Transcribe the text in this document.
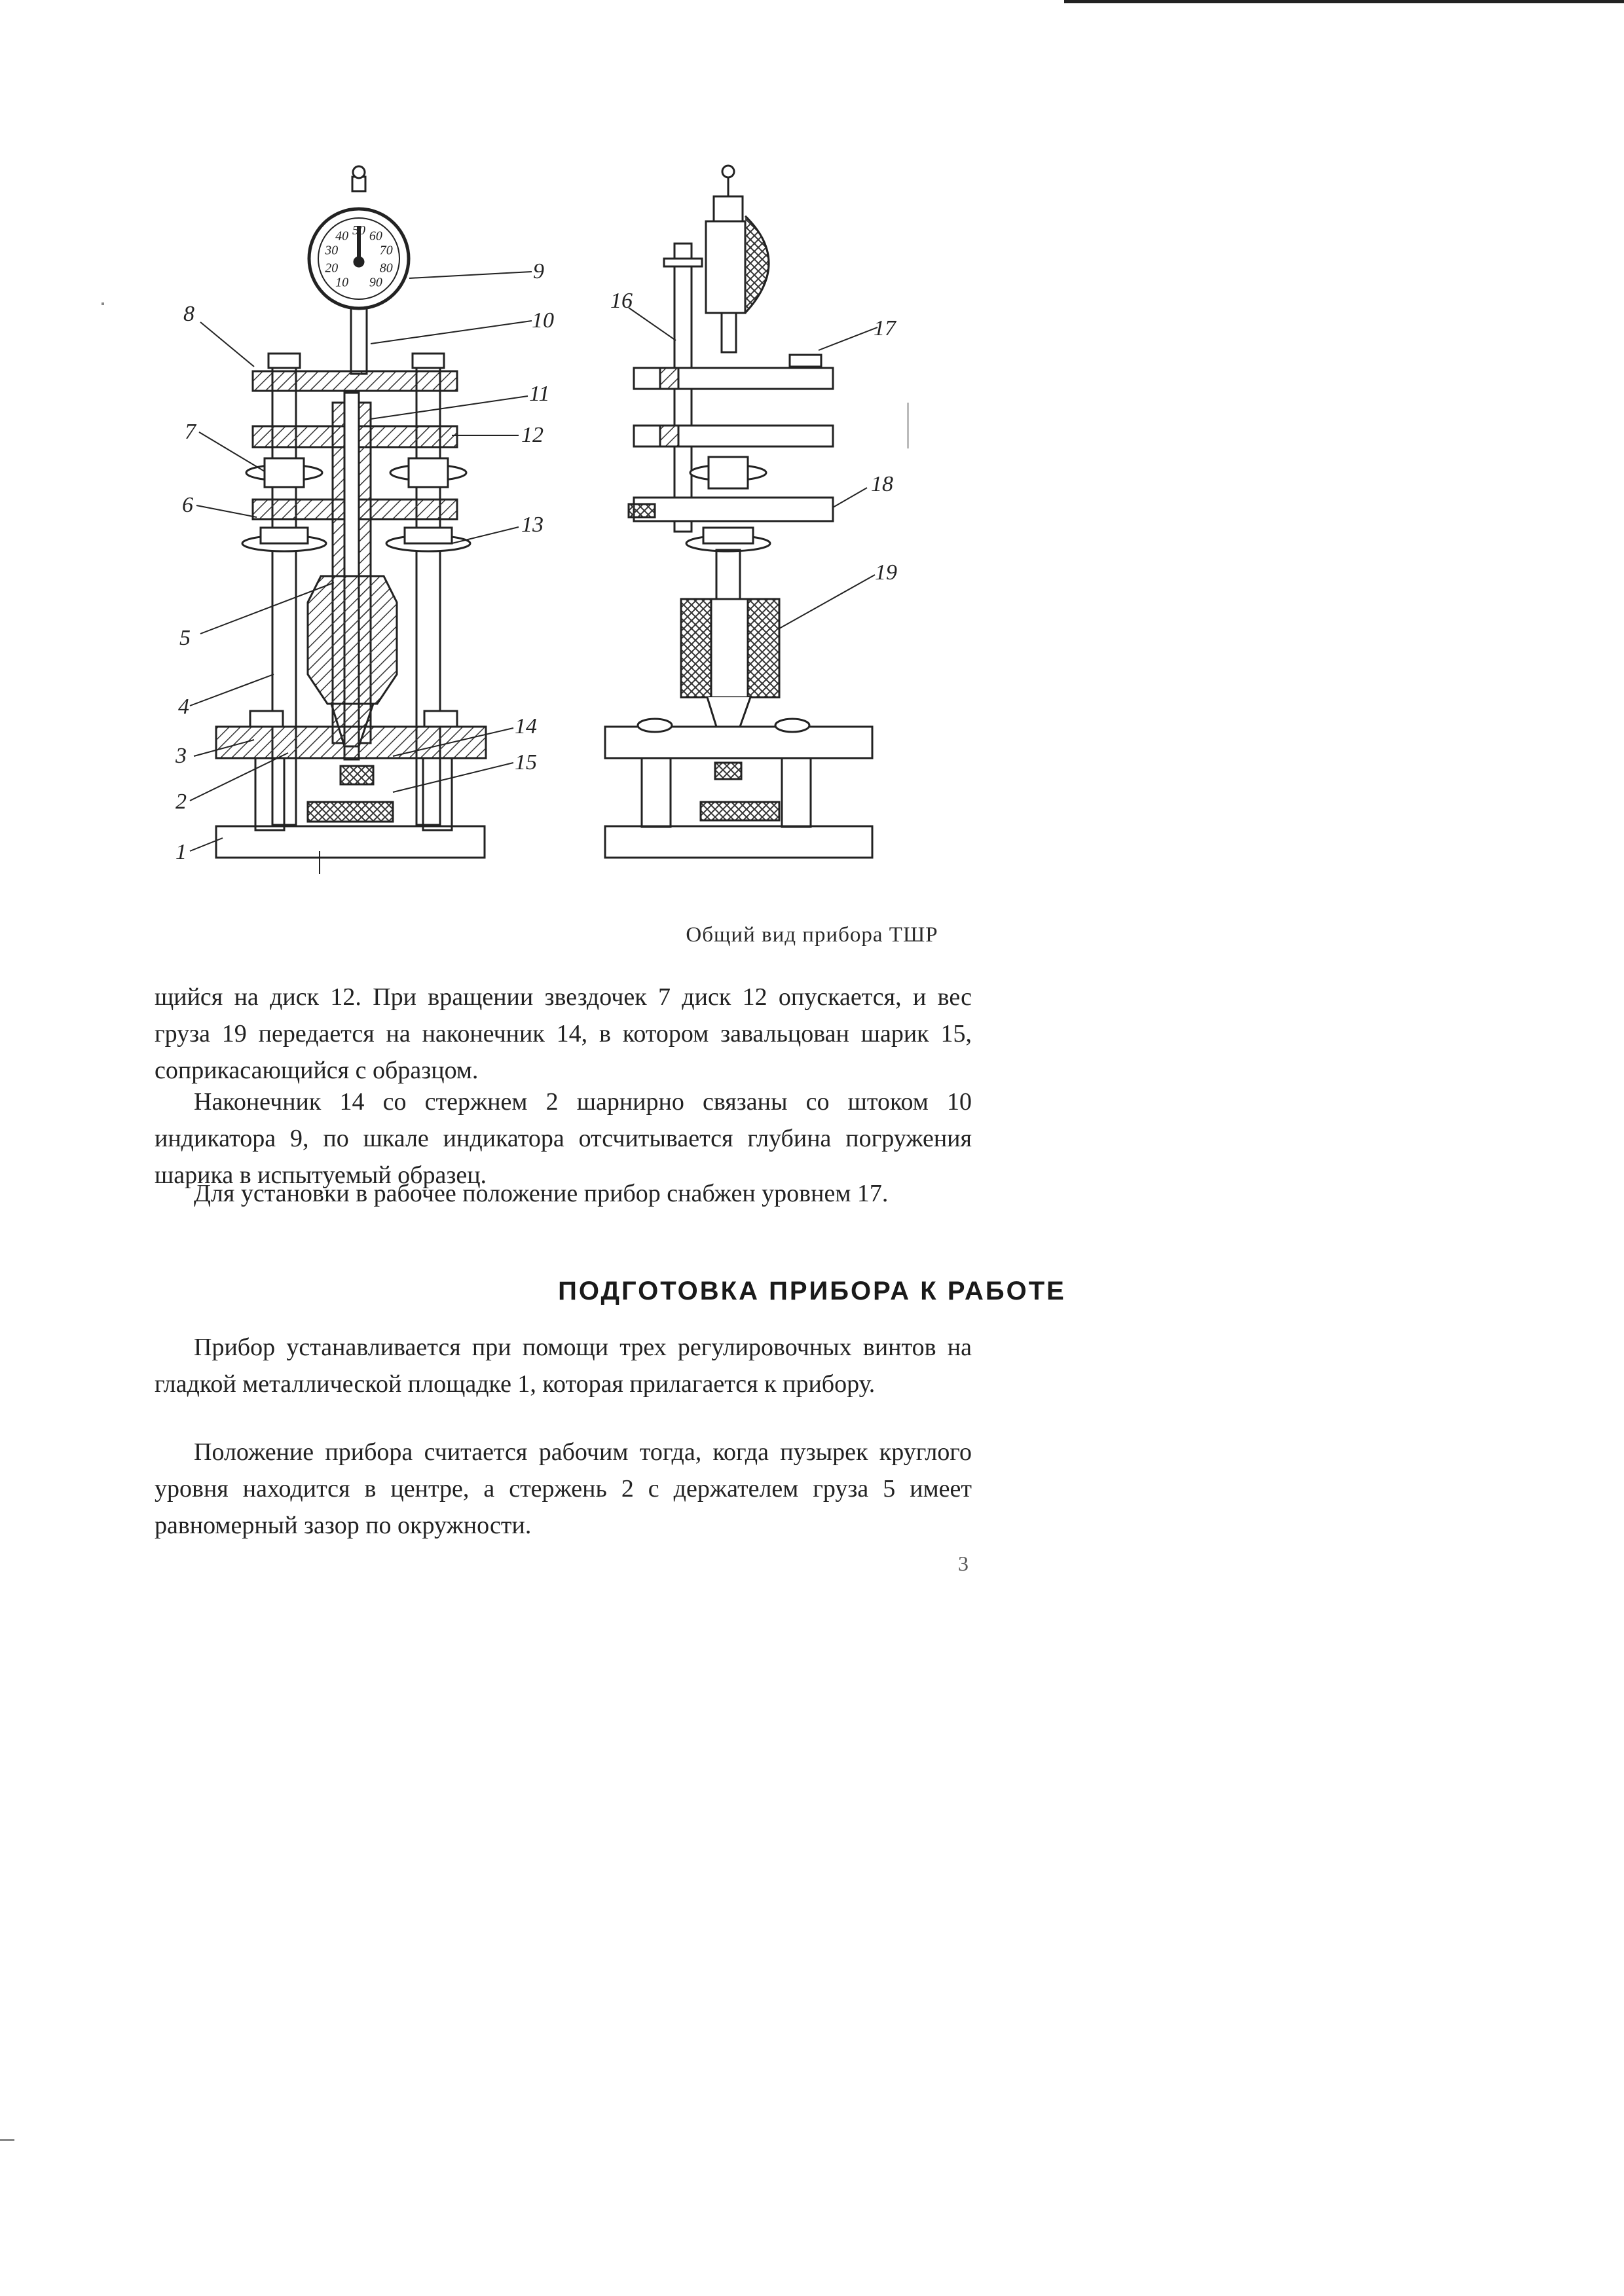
8
7
6
5
4
3
2
1
9
10
11
12
13
14
15
16
17
18
19
10
20
30
40 50 60
70
80
90
Общий вид прибора ТШР

щийся на диск 12. При вращении звездочек 7 диск 12 опускается, и вес груза 19 передается на наконечник 14, в котором завальцован шарик 15, соприкасающийся с образцом.

Наконечник 14 со стержнем 2 шарнирно связаны со штоком 10 индикатора 9, по шкале индикатора отсчитывается глубина погружения шарика в испытуемый образец.

Для установки в рабочее положение прибор снабжен уровнем 17.

ПОДГОТОВКА ПРИБОРА К РАБОТЕ

Прибор устанавливается при помощи трех регулировочных винтов на гладкой металлической площадке 1, которая прилагается к прибору.

Положение прибора считается рабочим тогда, когда пузырек круглого уровня находится в центре, а стержень 2 с держателем груза 5 имеет равномерный зазор по окружности.

3
